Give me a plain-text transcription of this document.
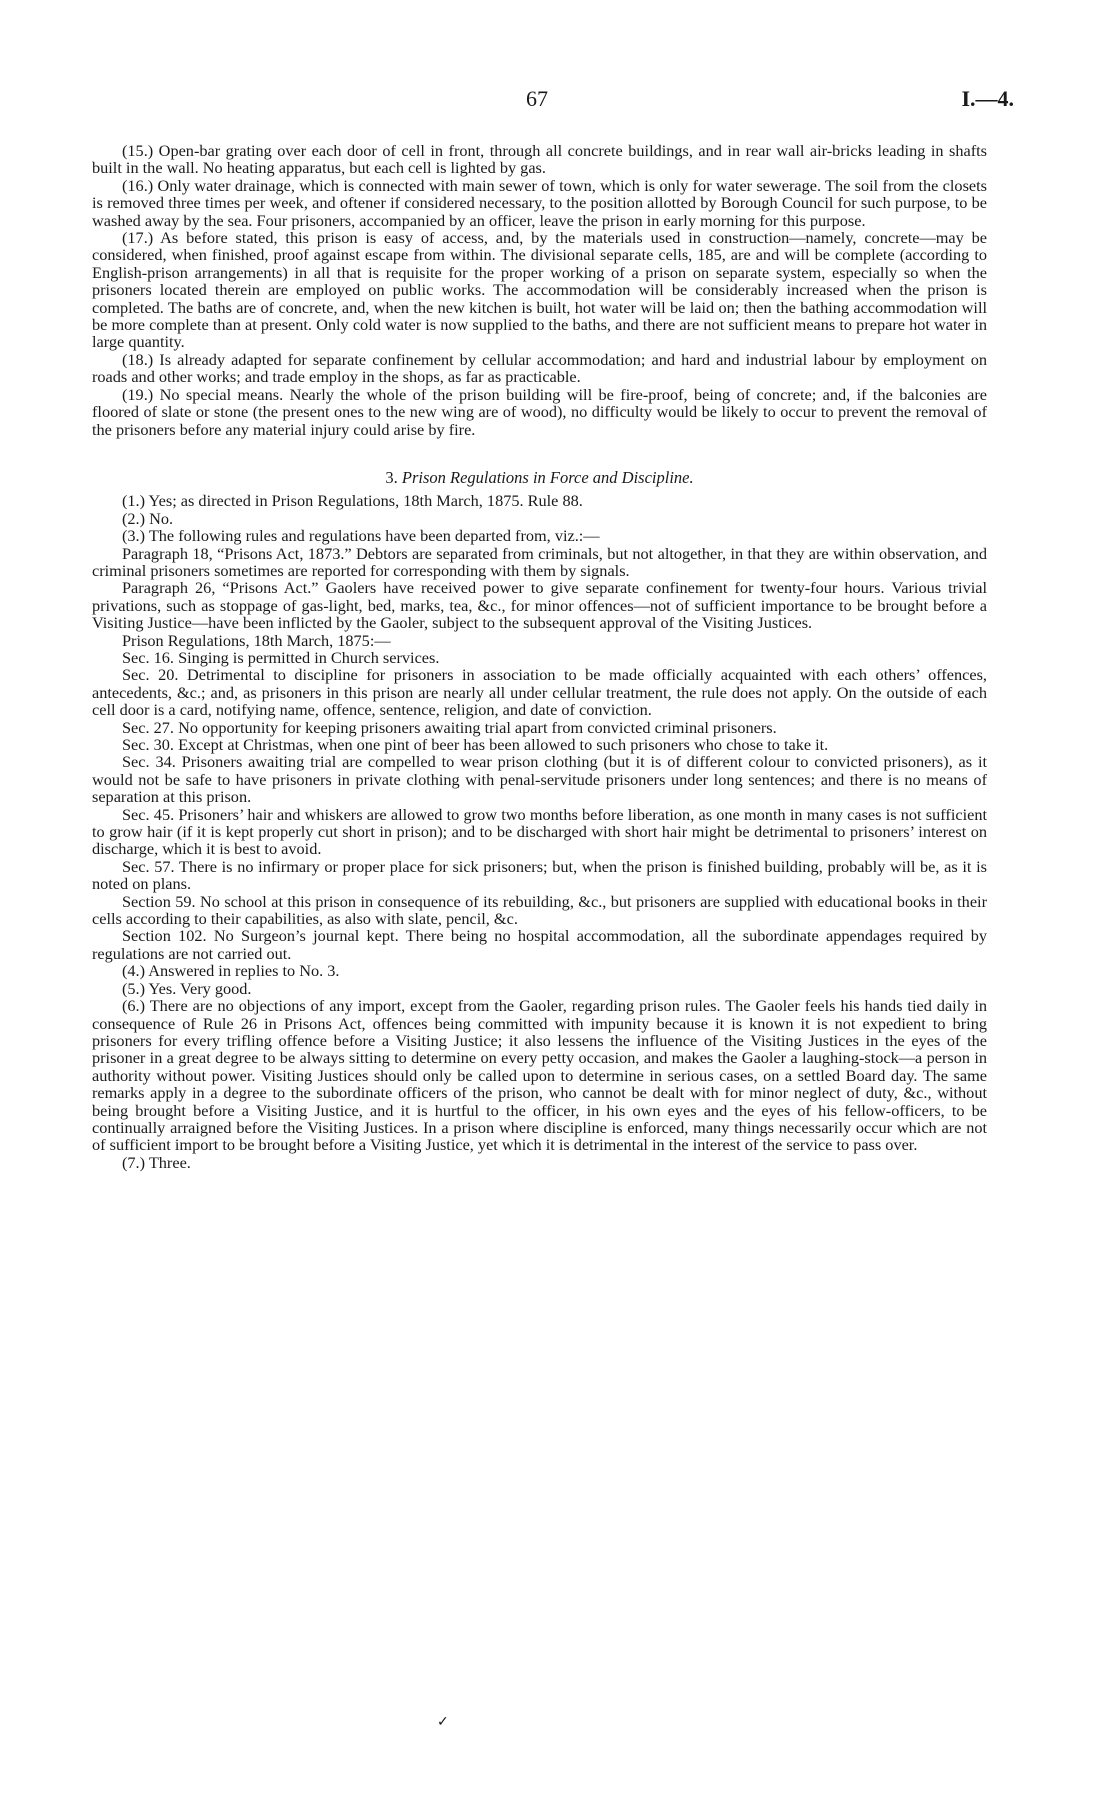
67	I.—4.

(15.) Open-bar grating over each door of cell in front, through all concrete buildings, and in rear wall air-bricks leading in shafts built in the wall. No heating apparatus, but each cell is lighted by gas.

(16.) Only water drainage, which is connected with main sewer of town, which is only for water sewerage. The soil from the closets is removed three times per week, and oftener if considered necessary, to the position allotted by Borough Council for such purpose, to be washed away by the sea. Four prisoners, accompanied by an officer, leave the prison in early morning for this purpose.

(17.) As before stated, this prison is easy of access, and, by the materials used in construction—namely, concrete—may be considered, when finished, proof against escape from within. The divisional separate cells, 185, are and will be complete (according to English-prison arrangements) in all that is requisite for the proper working of a prison on separate system, especially so when the prisoners located therein are employed on public works. The accommodation will be considerably increased when the prison is completed. The baths are of concrete, and, when the new kitchen is built, hot water will be laid on; then the bathing accommodation will be more complete than at present. Only cold water is now supplied to the baths, and there are not sufficient means to prepare hot water in large quantity.

(18.) Is already adapted for separate confinement by cellular accommodation; and hard and industrial labour by employment on roads and other works; and trade employ in the shops, as far as practicable.

(19.) No special means. Nearly the whole of the prison building will be fire-proof, being of concrete; and, if the balconies are floored of slate or stone (the present ones to the new wing are of wood), no difficulty would be likely to occur to prevent the removal of the prisoners before any material injury could arise by fire.

3. Prison Regulations in Force and Discipline.

(1.) Yes; as directed in Prison Regulations, 18th March, 1875. Rule 88.

(2.) No.

(3.) The following rules and regulations have been departed from, viz.:—

Paragraph 18, “Prisons Act, 1873.” Debtors are separated from criminals, but not altogether, in that they are within observation, and criminal prisoners sometimes are reported for corresponding with them by signals.

Paragraph 26, “Prisons Act.” Gaolers have received power to give separate confinement for twenty-four hours. Various trivial privations, such as stoppage of gas-light, bed, marks, tea, &c., for minor offences—not of sufficient importance to be brought before a Visiting Justice—have been inflicted by the Gaoler, subject to the subsequent approval of the Visiting Justices.

Prison Regulations, 18th March, 1875:—

Sec. 16. Singing is permitted in Church services.

Sec. 20. Detrimental to discipline for prisoners in association to be made officially acquainted with each others’ offences, antecedents, &c.; and, as prisoners in this prison are nearly all under cellular treatment, the rule does not apply. On the outside of each cell door is a card, notifying name, offence, sentence, religion, and date of conviction.

Sec. 27. No opportunity for keeping prisoners awaiting trial apart from convicted criminal prisoners.

Sec. 30. Except at Christmas, when one pint of beer has been allowed to such prisoners who chose to take it.

Sec. 34. Prisoners awaiting trial are compelled to wear prison clothing (but it is of different colour to convicted prisoners), as it would not be safe to have prisoners in private clothing with penal-servitude prisoners under long sentences; and there is no means of separation at this prison.

Sec. 45. Prisoners’ hair and whiskers are allowed to grow two months before liberation, as one month in many cases is not sufficient to grow hair (if it is kept properly cut short in prison); and to be discharged with short hair might be detrimental to prisoners’ interest on discharge, which it is best to avoid.

Sec. 57. There is no infirmary or proper place for sick prisoners; but, when the prison is finished building, probably will be, as it is noted on plans.

Section 59. No school at this prison in consequence of its rebuilding, &c., but prisoners are supplied with educational books in their cells according to their capabilities, as also with slate, pencil, &c.

Section 102. No Surgeon’s journal kept. There being no hospital accommodation, all the subordinate appendages required by regulations are not carried out.

(4.) Answered in replies to No. 3.

(5.) Yes. Very good.

(6.) There are no objections of any import, except from the Gaoler, regarding prison rules. The Gaoler feels his hands tied daily in consequence of Rule 26 in Prisons Act, offences being committed with impunity because it is known it is not expedient to bring prisoners for every trifling offence before a Visiting Justice; it also lessens the influence of the Visiting Justices in the eyes of the prisoner in a great degree to be always sitting to determine on every petty occasion, and makes the Gaoler a laughing-stock—a person in authority without power. Visiting Justices should only be called upon to determine in serious cases, on a settled Board day. The same remarks apply in a degree to the subordinate officers of the prison, who cannot be dealt with for minor neglect of duty, &c., without being brought before a Visiting Justice, and it is hurtful to the officer, in his own eyes and the eyes of his fellow-officers, to be continually arraigned before the Visiting Justices. In a prison where discipline is enforced, many things necessarily occur which are not of sufficient import to be brought before a Visiting Justice, yet which it is detrimental in the interest of the service to pass over.

(7.) Three.

✓
